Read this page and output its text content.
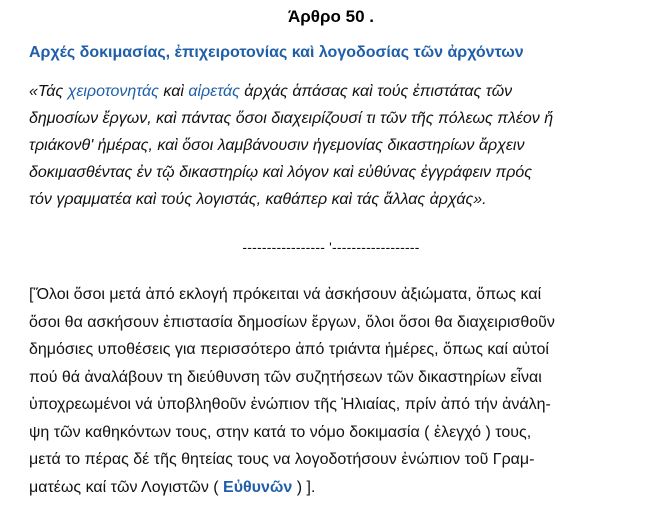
Άρθρο 50 .
Αρχές δοκιμασίας, ἐπιχειροτονίας καὶ λογοδοσίας τῶν ἀρχόντων
«Τάς χειροτονητάς καὶ αἱρετάς ἀρχάς ἁπάσας καὶ τούς ἐπιστάτας τῶν
δημοσίων ἔργων, καὶ πάντας ὅσοι διαχειρίζουσί τι τῶν τῆς πόλεως πλέον ἤ
τριάκονθ' ἡμέρας, καὶ ὅσοι λαμβάνουσιν ἡγεμονίας δικαστηρίων ἄρχειν
δοκιμασθέντας ἐν τῷ δικαστηρίῳ καὶ λόγον καὶ εὐθύνας ἐγγράφειν πρός
τόν γραμματέα καὶ τούς λογιστάς, καθάπερ καὶ τάς ἄλλας ἀρχάς».
----------------- '------------------
[Ὅλοι ὅσοι μετά ἀπό εκλογή πρόκειται νά ἀσκήσουν ἀξιώματα, ὅπως καί
ὅσοι θα ασκήσουν ἐπιστασία δημοσίων ἔργων, ὅλοι ὅσοι θα διαχειρισθοῦν
δημόσιες υποθέσεις για περισσότερο ἀπό τριάντα ἡμέρες, ὅπως καί αὐτοί
πού θά ἀναλάβουν τη διεύθυνση τῶν συζητήσεων τῶν δικαστηρίων εἶναι
ὑποχρεωμένοι νά ὑποβληθοῦν ἐνώπιον τῆς Ἡλιαίας, πρίν ἀπό τήν ἀνάλη-
ψη τῶν καθηκόντων τους, στην κατά το νόμο δοκιμασία ( ἐλεγχό ) τους,
μετά το πέρας δέ τῆς θητείας τους να λογοδοτήσουν ἐνώπιον τοῦ Γραμ-
ματέως καί τῶν Λογιστῶν ( Εὐθυνῶν ) ].
